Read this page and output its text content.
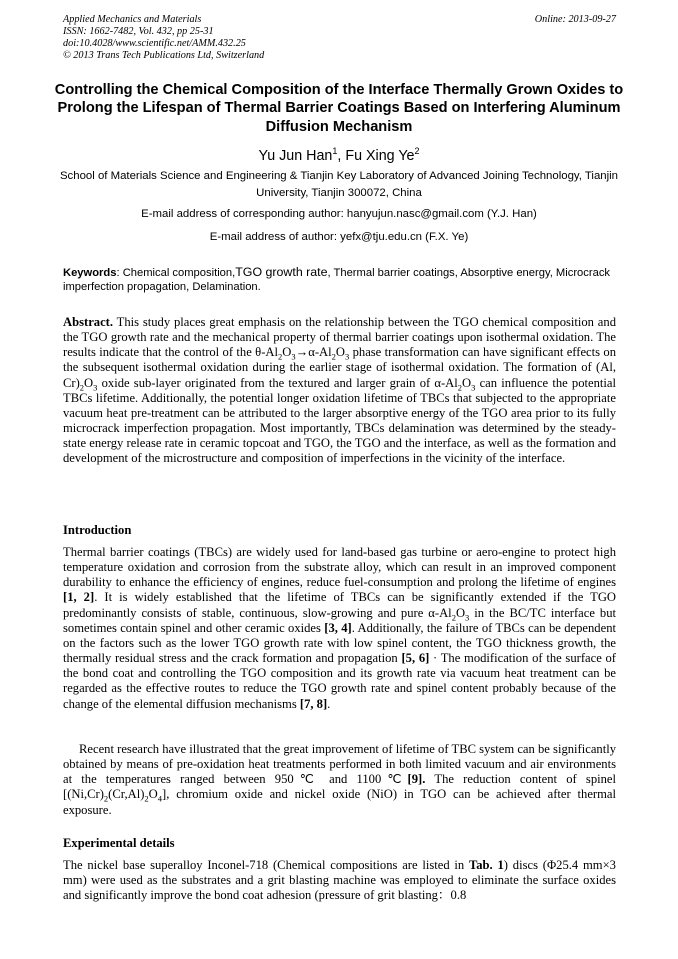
Applied Mechanics and Materials
ISSN: 1662-7482, Vol. 432, pp 25-31
doi:10.4028/www.scientific.net/AMM.432.25
© 2013 Trans Tech Publications Ltd, Switzerland
Online: 2013-09-27
Controlling the Chemical Composition of the Interface Thermally Grown Oxides to Prolong the Lifespan of Thermal Barrier Coatings Based on Interfering Aluminum Diffusion Mechanism
Yu Jun Han$^1$, Fu Xing Ye$^2$
School of Materials Science and Engineering & Tianjin Key Laboratory of Advanced Joining Technology, Tianjin University, Tianjin 300072, China
E-mail address of corresponding author: hanyujun.nasc@gmail.com (Y.J. Han)
E-mail address of author: yefx@tju.edu.cn (F.X. Ye)
Keywords: Chemical composition,TGO growth rate, Thermal barrier coatings, Absorptive energy, Microcrack imperfection propagation, Delamination.
Abstract. This study places great emphasis on the relationship between the TGO chemical composition and the TGO growth rate and the mechanical property of thermal barrier coatings upon isothermal oxidation. The results indicate that the control of the $\theta-Al_2O_3\to\alpha-Al_2O_3$ phase transformation can have significant effects on the subsequent isothermal oxidation during the earlier stage of isothermal oxidation. The formation of (Al, $Cr)_2O_3$ oxide sub-layer originated from the textured and larger grain of $\alpha-Al_2O_3$ can influence the potential TBCs lifetime. Additionally, the potential longer oxidation lifetime of TBCs that subjected to the appropriate vacuum heat pre-treatment can be attributed to the larger absorptive energy of the TGO area prior to its fully microcrack imperfection propagation. Most importantly, TBCs delamination was determined by the steady-state energy release rate in ceramic topcoat and TGO, the TGO and the interface, as well as the formation and development of the microstructure and composition of imperfections in the vicinity of the interface.
Introduction
Thermal barrier coatings (TBCs) are widely used for land-based gas turbine or aero-engine to protect high temperature oxidation and corrosion from the substrate alloy, which can result in an improved component durability to enhance the efficiency of engines, reduce fuel-consumption and prolong the lifetime of engines [1, 2]. It is widely established that the lifetime of TBCs can be significantly extended if the TGO predominantly consists of stable, continuous, slow-growing and pure $\alpha-Al_2O_3$ in the BC/TC interface but sometimes contain spinel and other ceramic oxides [3, 4]. Additionally, the failure of TBCs can be dependent on the factors such as the lower TGO growth rate with low spinel content, the TGO thickness growth, the thermally residual stress and the crack formation and propagation [5, 6] · The modification of the surface of the bond coat and controlling the TGO composition and its growth rate via vacuum heat treatment can be regarded as the effective routes to reduce the TGO growth rate and spinel content probably because of the change of the elemental diffusion mechanisms [7, 8].
Recent research have illustrated that the great improvement of lifetime of TBC system can be significantly obtained by means of pre-oxidation heat treatments performed in both limited vacuum and air environments at the temperatures ranged between 950℃ and 1100℃[9]. The reduction content of spinel $[(Ni,Cr)_2(Cr,Al)_2O_4]$, chromium oxide and nickel oxide (NiO) in TGO can be achieved after thermal exposure.
Experimental details
The nickel base superalloy Inconel-718 (Chemical compositions are listed in Tab. 1) discs (Φ25.4 mm×3 mm) were used as the substrates and a grit blasting machine was employed to eliminate the surface oxides and significantly improve the bond coat adhesion (pressure of grit blasting：0.8
